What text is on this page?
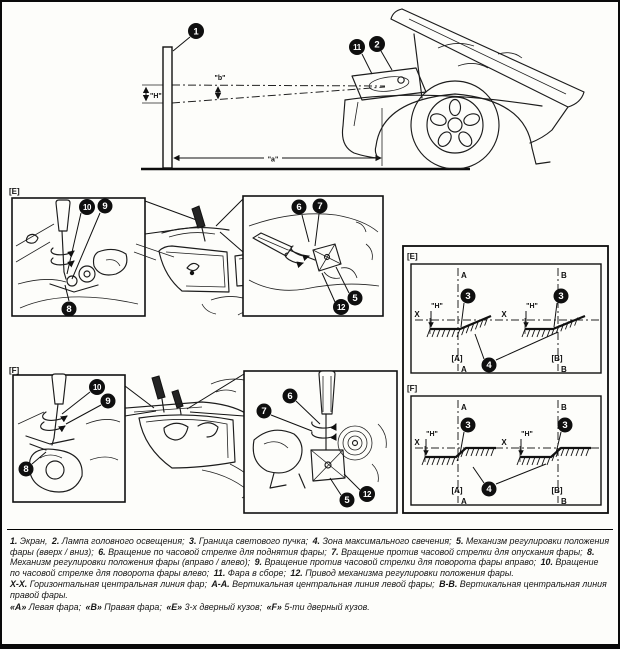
"H"
"b"
"a"
1
11 2
[E]
10 9
8
6 7
5
12
[F]
10
9
8
6
7
5
12
[E]
A	B
X	X
[A]
A
[B]
B
"H"	"H"
3	3
4
[F]
A	B
X	X
[A]
A
[B]
B
"H"	"H"
3	3
4

1. Экран, 2. Лампа головного освещения; 3. Граница светового пучка; 4. Зона максимального свечения; 5. Механизм регулировки положения фары (вверх / вниз); 6. Вращение по часовой стрелке для поднятия фары; 7. Вращение против часовой стрелки для опускания фары; 8. Механизм регулировки положения фары (вправо / влево); 9. Вращение против часовой стрелки для поворота фары вправо; 10. Вращение по часовой стрелке для поворота фары влево; 11. Фара в сборе; 12. Привод механизма регулировки положения фары.

X-X. Горизонтальная центральная линия фар; A-A. Вертикальная центральная линия левой фары; B-B. Вертикальная центральная линия правой фары.

«А» Левая фара; «В» Правая фара; «Е» 3-х дверный кузов; «F» 5-ти дверный кузов.
